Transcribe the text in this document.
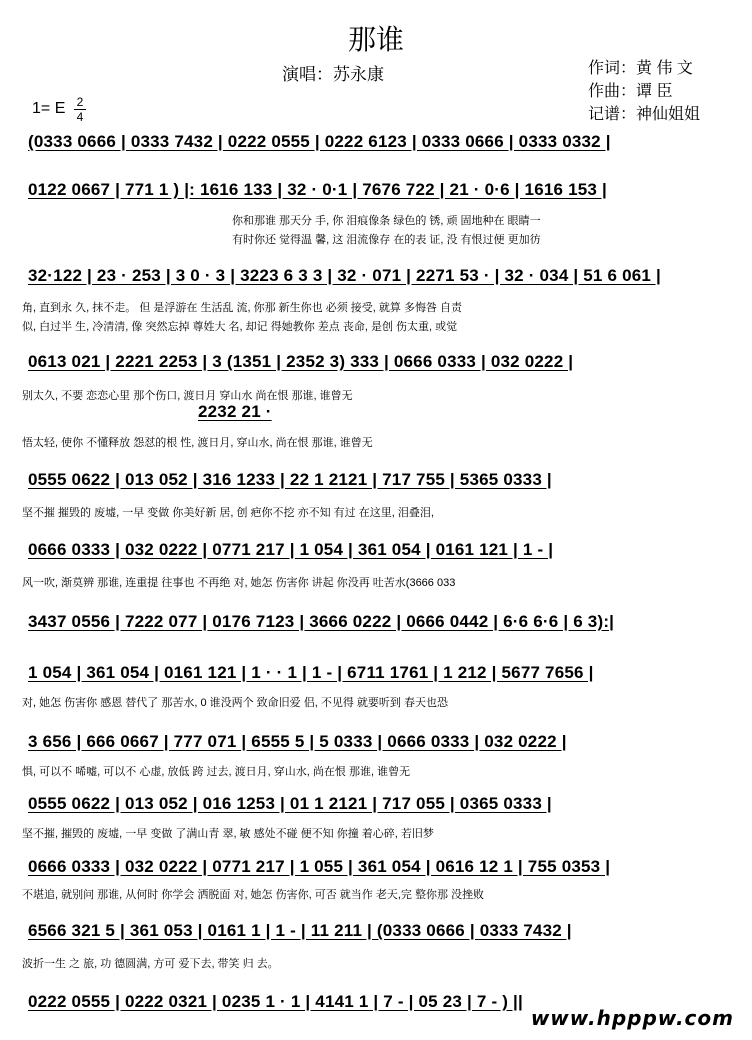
那谁
演唱：苏永康	作词：黄 伟 文
作曲：谭 臣
记谱：神仙姐姐
1= E 2
4
(0333 0666 | 0333 7432 | 0222 0555 | 0222 6123 | 0333 0666 | 0333 0332 |
0122 0667 | 771 1 ) |: 1616 133 | 32 · 0·1 | 7676 722 | 21 · 0·6 | 1616 153 |
你和那谁 那天分 手, 你 泪痕像条 绿色的 锈, 顽 固地种在 眼睛一
有时你还 觉得温 馨, 这 泪流像存 在的表 证, 没 有恨过便 更加彷
32·122 | 23 · 253 | 3 0 · 3 | 3223 6 3 3 | 32 · 071 | 2271 53 · | 32 · 034 | 51 6 061 |
角, 直到永 久, 抹不走。 但 是浮游在 生活乱 流, 你那 新生你也 必须 接受, 就算 多悔咎 自责
似, 白过半 生, 冷清清, 像 突然忘掉 尊姓大 名, 却记 得她教你 差点 丧命, 是创 伤太重, 或觉
0613 021 | 2221 2253 | 3 (1351 | 2352 3) 333 | 0666 0333 | 032 0222 |
别太久, 不要 恋恋心里 那个伤口, 渡日月 穿山水 尚在恨 那谁, 谁曾无
2232 21 ·
悟太轻, 使你 不懂释放 怨怼的根 性, 渡日月, 穿山水, 尚在恨 那谁, 谁曾无
0555 0622 | 013 052 | 316 1233 | 22 1 2121 | 717 755 | 5365 0333 |
坚不摧 摧毁的 废墟, 一早 变做 你美好新 居, 创 疤你不挖 亦不知 有过 在这里, 泪叠泪,
0666 0333 | 032 0222 | 0771 217 | 1 054 | 361 054 | 0161 121 | 1 - |
风一吹, 渐莫辨 那谁, 连重提 往事也 不再绝 对, 她怎 伤害你 讲起 你没再 吐苦水(3666 033
3437 0556 | 7222 077 | 0176 7123 | 3666 0222 | 0666 0442 | 6·6 6·6 | 6 3):|
1 054 | 361 054 | 0161 121 | 1 · · 1 | 1 - | 6711 1761 | 1 212 | 5677 7656 |
对, 她怎 伤害你 感恩 替代了 那苦水, 0 谁没两个 致命旧爱 侣, 不见得 就要听到 春天也恐
3 656 | 666 0667 | 777 071 | 6555 5 | 5 0333 | 0666 0333 | 032 0222 |
惧, 可以不 唏嘘, 可以不 心虚, 放低 跨 过去, 渡日月, 穿山水, 尚在恨 那谁, 谁曾无
0555 0622 | 013 052 | 016 1253 | 01 1 2121 | 717 055 | 0365 0333 |
坚不摧, 摧毁的 废墟, 一早 变做 了满山青 翠, 敏 感处不碰 便不知 你撞 着心碎, 若旧梦
0666 0333 | 032 0222 | 0771 217 | 1 055 | 361 054 | 0616 12 1 | 755 0353 |
不堪追, 就别问 那谁, 从何时 你学会 洒脱面 对, 她怎 伤害你, 可否 就当作 老天,完 整你那 没挫败
6566 321 5 | 361 053 | 0161 1 | 1 - | 11 211 | (0333 0666 | 0333 7432 |
波折一生 之 旅, 功 德圆满, 方可 爱下去, 带笑 归 去。
0222 0555 | 0222 0321 | 0235 1 · 1 | 4141 1 | 7 - | 05 23 | 7 - ) ||
www.hpppw.com
